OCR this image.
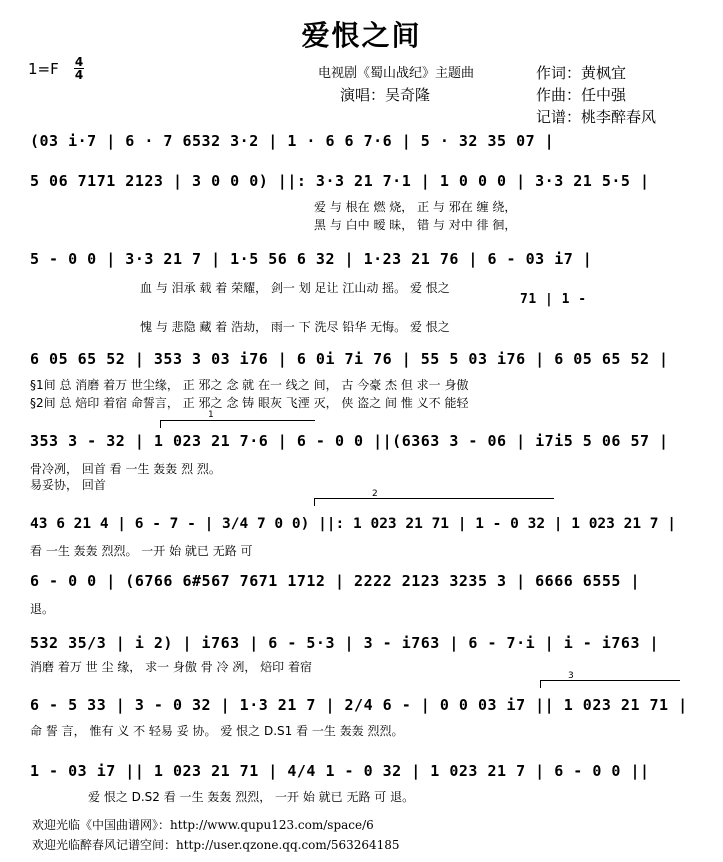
爱恨之间
1=F 4
4	电视剧《蜀山战纪》主题曲
演唱：吴奇隆
作词：黄枫宜
作曲：任中强
记谱：桃李醉春风
(03 i·7 | 6 · 7 6532 3·2 | 1 · 6 6 7·6 | 5 · 32 35 07 |
5 06 7171 2123 | 3 0 0 0) ||: 3·3 21 7·1 | 1 0 0 0 | 3·3 21 5·5 |
爱 与 根在 燃 烧， 正 与 邪在 缠 绕，
黑 与 白中 暧 昧， 错 与 对中 徘 徊，
5 - 0 0 | 3·3 21 7 | 1·5 56 6 32 | 1·23 21 76 | 6 - 03 i7 |
血 与 泪承 载 着 荣耀， 剑一 划 足让 江山动 摇。 爱 恨之
71 | 1 -
愧 与 悲隐 藏 着 浩劫， 雨一 下 洗尽 铅华 无悔。 爱 恨之
6 05 65 52 | 353 3 03 i76 | 6 0i 7i 76 | 55 5 03 i76 | 6 05 65 52 |
§1间 总 消磨 着万 世尘缘， 正 邪之 念 就 在一 线之 间， 古 今豪 杰 但 求一 身傲
§2间 总 焙印 着宿 命誓言， 正 邪之 念 铸 眼灰 飞湮 灭， 侠 盗之 间 惟 义不 能轻
1
353 3 - 32 | 1 023 21 7·6 | 6 - 0 0 ||(6363 3 - 06 | i7i5 5 06 57 |
骨冷冽， 回首 看 一生 轰轰 烈 烈。
易妥协， 回首
2
43 6 21 4 | 6 - 7 - | 3/4 7 0 0) ||: 1 023 21 71 | 1 - 0 32 | 1 023 21 7 |
看 一生 轰轰 烈烈。 一开 始 就已 无路 可
6 - 0 0 | (6766 6#567 7671 1712 | 2222 2123 3235 3 | 6666 6555 |
退。
532 35/3 | i 2) | i763 | 6 - 5·3 | 3 - i763 | 6 - 7·i | i - i763 |
消磨 着万 世 尘 缘， 求一 身傲 骨 冷 冽， 焙印 着宿
3
6 - 5 33 | 3 - 0 32 | 1·3 21 7 | 2/4 6 - | 0 0 03 i7 || 1 023 21 71 |
命 誓 言， 惟有 义 不 轻易 妥 协。 爱 恨之 D.S1 看 一生 轰轰 烈烈。
1 - 03 i7 || 1 023 21 71 | 4/4 1 - 0 32 | 1 023 21 7 | 6 - 0 0 ||
爱 恨之 D.S2 看 一生 轰轰 烈烈， 一开 始 就已 无路 可 退。
欢迎光临《中国曲谱网》：http://www.qupu123.com/space/6
欢迎光临醉春风记谱空间：http://user.qzone.qq.com/563264185
